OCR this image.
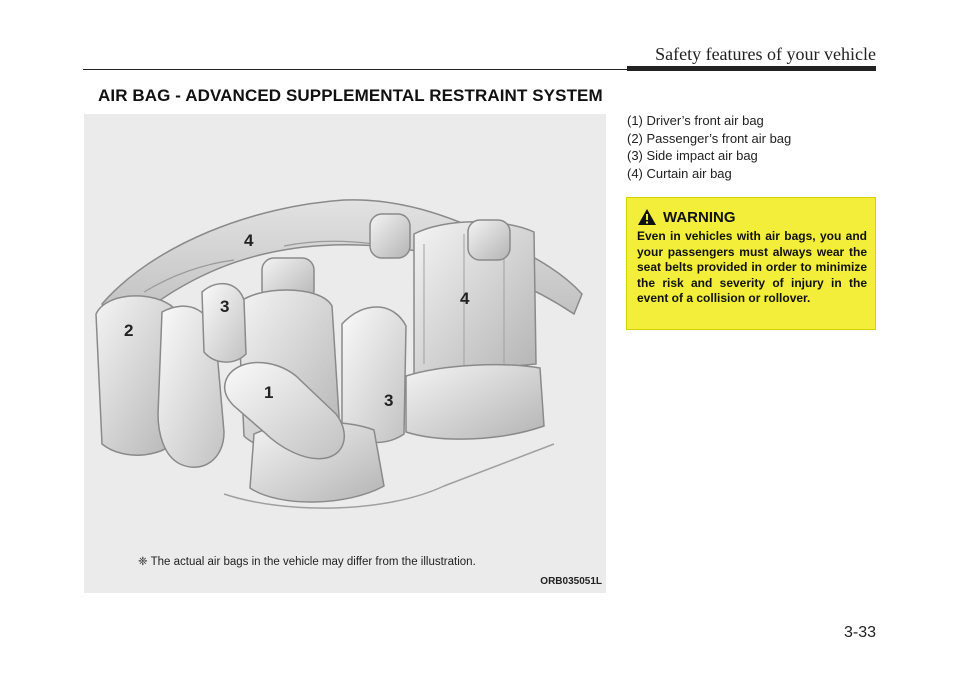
Safety features of your vehicle
AIR BAG - ADVANCED SUPPLEMENTAL RESTRAINT SYSTEM
4
3
2
1
4
3
❈ The actual air bags in the vehicle may differ from the illustration.
ORB035051L
(1) Driver’s front air bag
(2) Passenger’s front air bag
(3) Side impact air bag
(4) Curtain air bag
WARNING
Even in vehicles with air bags, you and your passengers must always wear the seat belts provided in order to minimize the risk and severity of injury in the event of a collision or rollover.
3-33
